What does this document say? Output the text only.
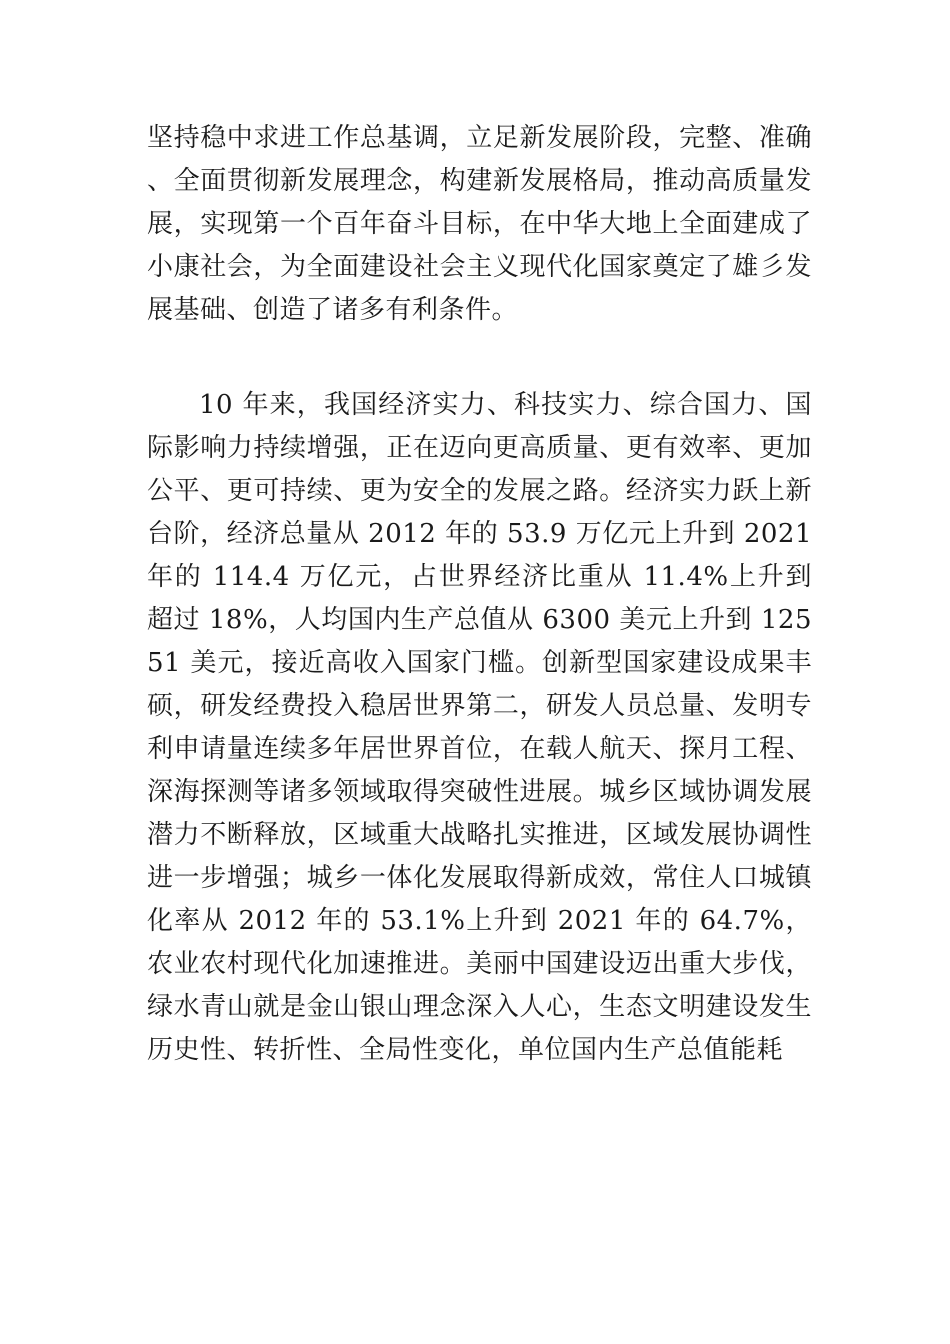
坚持稳中求进工作总基调，立足新发展阶段，完整、准确、全面贯彻新发展理念，构建新发展格局，推动高质量发展，实现第一个百年奋斗目标，在中华大地上全面建成了小康社会，为全面建设社会主义现代化国家奠定了雄⼺发展基础、创造了诸多有利条件。

10 年来，我国经济实力、科技实力、综合国力、国际影响力持续增强，正在迈向更高质量、更有效率、更加公平、更可持续、更为安全的发展之路。经济实力跃上新台阶，经济总量从 2012 年的 53.9 万亿元上升到 2021 年的 114.4 万亿元，占世界经济比重从 11.4%上升到超过 18%，人均国内生产总值从 6300 美元上升到 12551 美元，接近高收入国家门槛。创新型国家建设成果丰硕，研发经费投入稳居世界第二，研发人员总量、发明专利申请量连续多年居世界首位，在载人航天、探月工程、深海探测等诸多领域取得突破性进展。城乡区域协调发展潜力不断释放，区域重大战略扎实推进，区域发展协调性进一步增强；城乡一体化发展取得新成效，常住人口城镇化率从 2012 年的 53.1%上升到 2021 年的 64.7%，农业农村现代化加速推进。美丽中国建设迈出重大步伐，绿水青山就是金山银山理念深入人心，生态文明建设发生历史性、转折性、全局性变化，单位国内生产总值能耗
